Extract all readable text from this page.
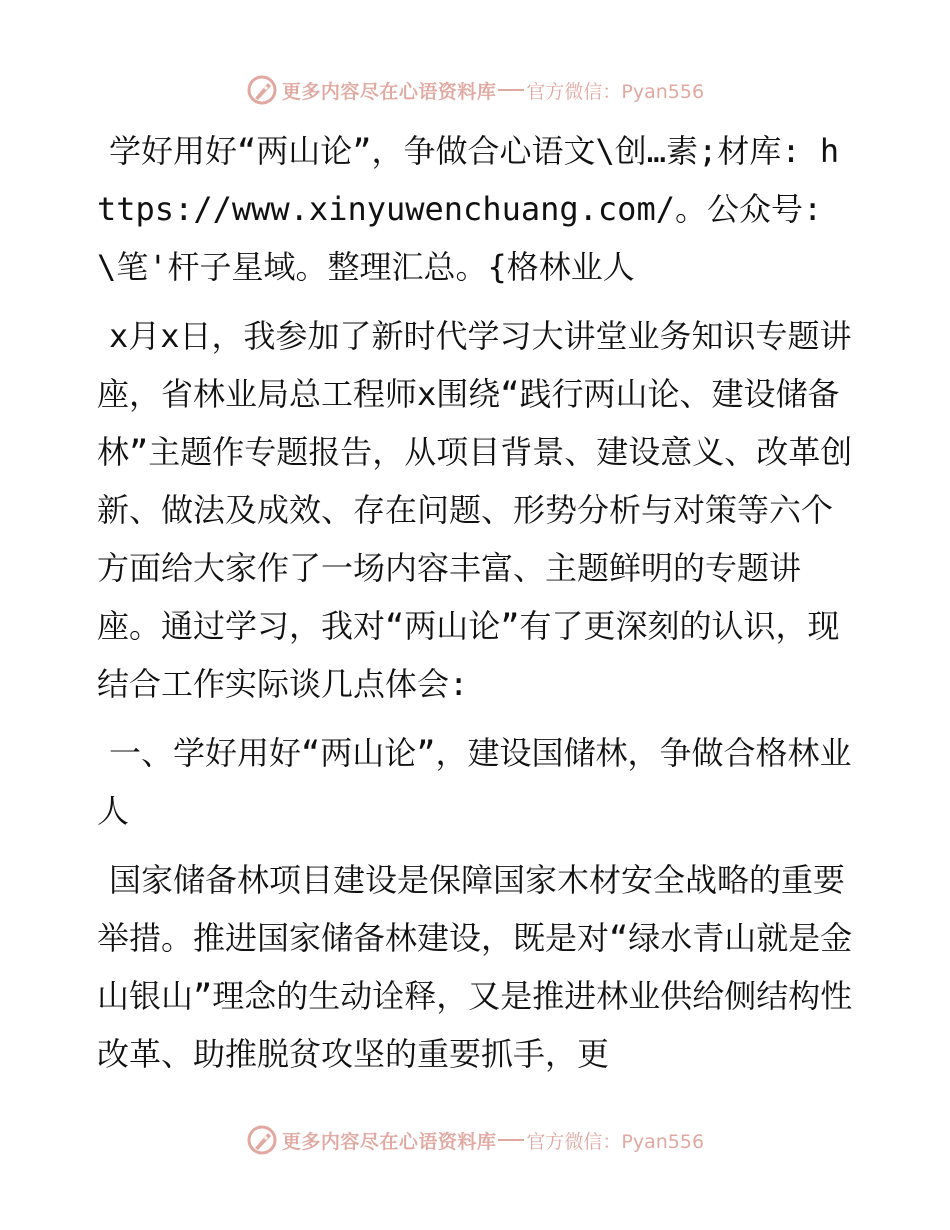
更多内容尽在心语资料库 官方微信：Pyan556

学好用好“两山论”，争做合心语文\创…素;材库: https://www.xinyuwenchuang.com/。公众号: \笔'杆子星域。整理汇总。{格林业人

x月x日，我参加了新时代学习大讲堂业务知识专题讲座，省林业局总工程师x围绕“践行两山论、建设储备林”主题作专题报告，从项目背景、建设意义、改革创新、做法及成效、存在问题、形势分析与对策等六个方面给大家作了一场内容丰富、主题鲜明的专题讲座。通过学习，我对“两山论”有了更深刻的认识，现结合工作实际谈几点体会:

一、学好用好“两山论”，建设国储林，争做合格林业人

国家储备林项目建设是保障国家木材安全战略的重要举措。推进国家储备林建设，既是对“绿水青山就是金山银山”理念的生动诠释，又是推进林业供给侧结构性改革、助推脱贫攻坚的重要抓手，更

更多内容尽在心语资料库 官方微信：Pyan556
